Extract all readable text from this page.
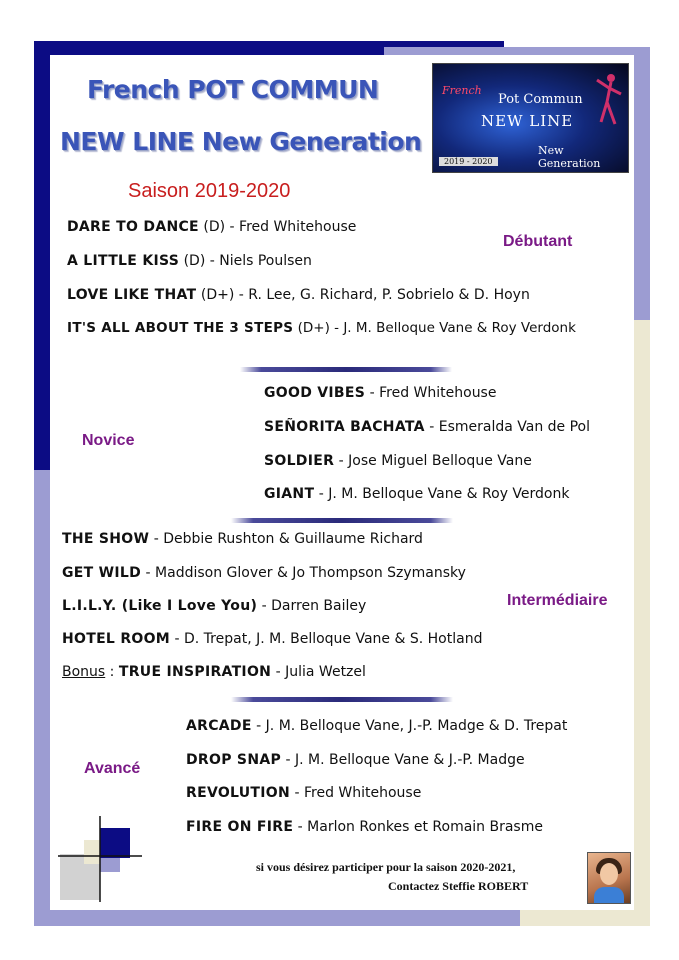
French POT COMMUN
NEW LINE New Generation
Saison 2019-2020
French
Pot Commun
NEW LINE
New Generation
2019 - 2020
Débutant
DARE TO DANCE (D) - Fred Whitehouse
A LITTLE KISS (D) - Niels Poulsen
LOVE LIKE THAT (D+) - R. Lee, G. Richard, P. Sobrielo & D. Hoyn
IT'S ALL ABOUT THE 3 STEPS (D+) - J. M. Belloque Vane & Roy Verdonk
Novice
GOOD VIBES - Fred Whitehouse
SEÑORITA BACHATA - Esmeralda Van de Pol
SOLDIER - Jose Miguel Belloque Vane
GIANT - J. M. Belloque Vane & Roy Verdonk
Intermédiaire
THE SHOW - Debbie Rushton & Guillaume Richard
GET WILD - Maddison Glover & Jo Thompson Szymansky
L.I.L.Y. (Like I Love You) - Darren Bailey
HOTEL ROOM - D. Trepat, J. M. Belloque Vane & S. Hotland
Bonus : TRUE INSPIRATION - Julia Wetzel
Avancé
ARCADE - J. M. Belloque Vane, J.-P. Madge & D. Trepat
DROP SNAP - J. M. Belloque Vane & J.-P. Madge
REVOLUTION - Fred Whitehouse
FIRE ON FIRE - Marlon Ronkes et Romain Brasme
si vous désirez participer pour la saison 2020-2021,
Contactez Steffie ROBERT
